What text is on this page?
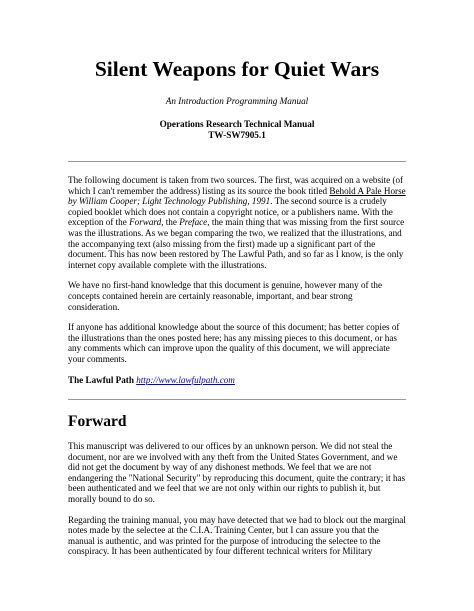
Silent Weapons for Quiet Wars

An Introduction Programming Manual

Operations Research Technical Manual
TW-SW7905.1

The following document is taken from two sources. The first, was acquired on a website (of which I can't remember the address) listing as its source the book titled Behold A Pale Horse by William Cooper; Light Technology Publishing, 1991. The second source is a crudely copied booklet which does not contain a copyright notice, or a publishers name. With the exception of the Forward, the Preface, the main thing that was missing from the first source was the illustrations. As we began comparing the two, we realized that the illustrations, and the accompanying text (also missing from the first) made up a significant part of the document. This has now been restored by The Lawful Path, and so far as I know, is the only internet copy available complete with the illustrations.

We have no first-hand knowledge that this document is genuine, however many of the concepts contained herein are certainly reasonable, important, and bear strong consideration.

If anyone has additional knowledge about the source of this document; has better copies of the illustrations than the ones posted here; has any missing pieces to this document, or has any comments which can improve upon the quality of this document, we will appreciate your comments.

The Lawful Path http://www.lawfulpath.com

Forward

This manuscript was delivered to our offices by an unknown person. We did not steal the document, nor are we involved with any theft from the United States Government, and we did not get the document by way of any dishonest methods. We feel that we are not endangering the "National Security" by reproducing this document, quite the contrary; it has been authenticated and we feel that we are not only within our rights to publish it, but morally bound to do so.

Regarding the training manual, you may have detected that we had to block out the marginal notes made by the selectee at the C.I.A. Training Center, but I can assure you that the manual is authentic, and was printed for the purpose of introducing the selectee to the conspiracy. It has been authenticated by four different technical writers for Military
